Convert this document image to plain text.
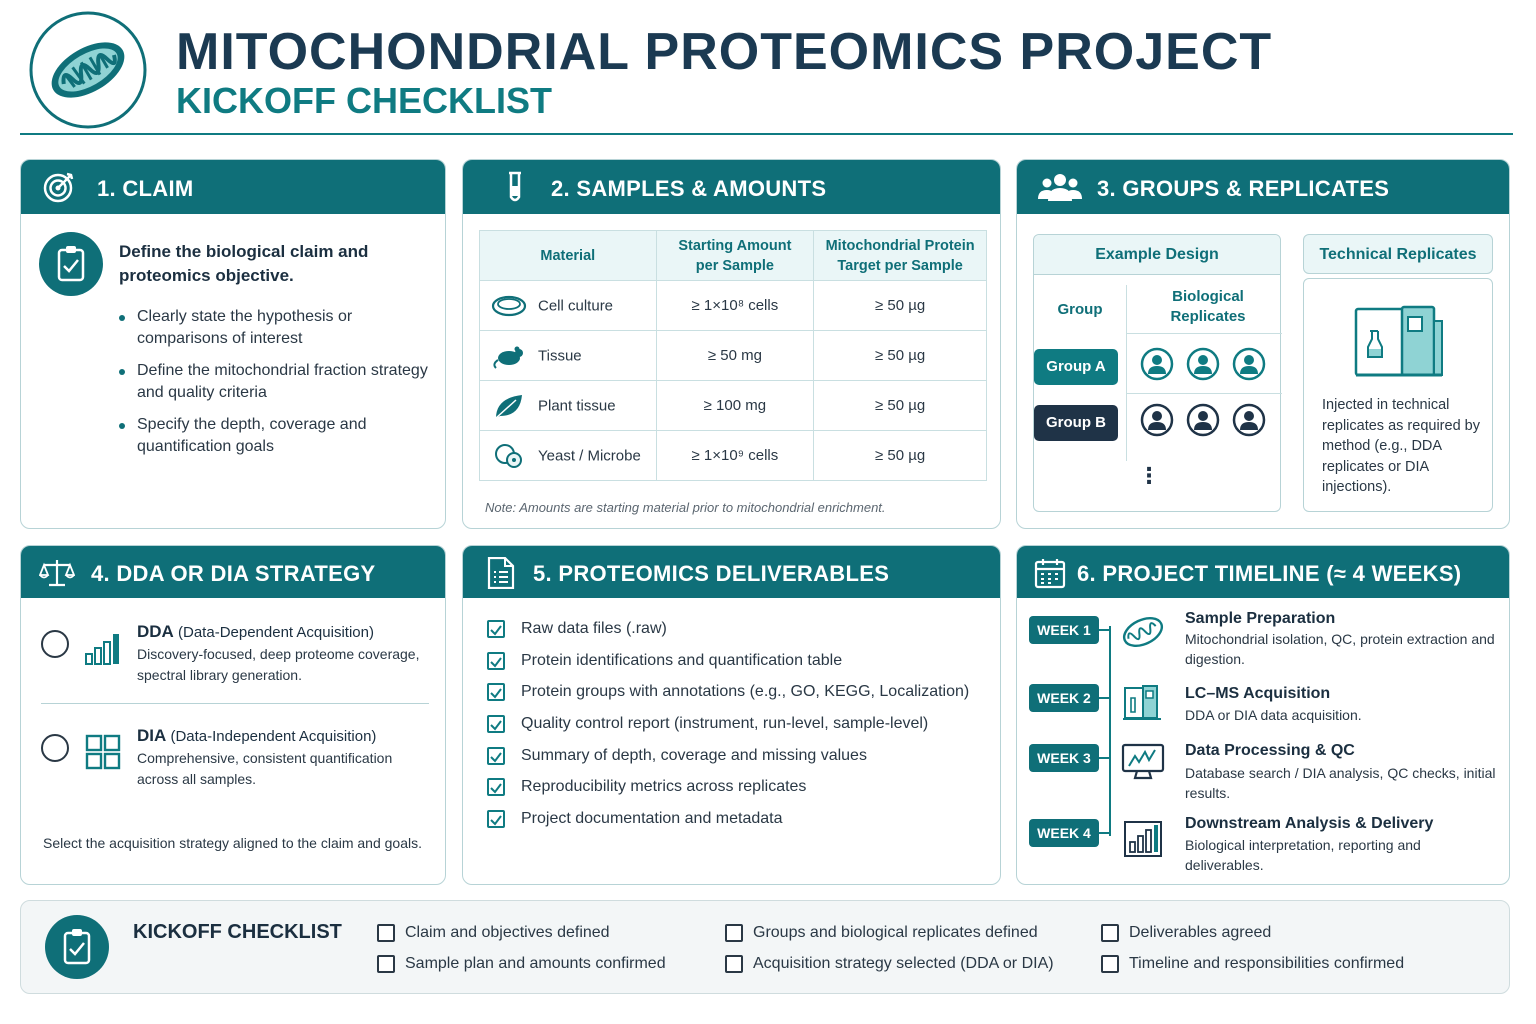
MITOCHONDRIAL PROTEOMICS PROJECT
KICKOFF CHECKLIST
1. CLAIM
Define the biological claim and proteomics objective.
Clearly state the hypothesis or comparisons of interest
Define the mitochondrial fraction strategy and quality criteria
Specify the depth, coverage and quantification goals
2. SAMPLES & AMOUNTS
Material	Starting Amount per Sample	Mitochondrial Protein Target per Sample
Cell culture	≥ 1×10⁸ cells	≥ 50 µg
Tissue	≥ 50 mg	≥ 50 µg
Plant tissue	≥ 100 mg	≥ 50 µg
Yeast / Microbe	≥ 1×10⁹ cells	≥ 50 µg
Note: Amounts are starting material prior to mitochondrial enrichment.
3. GROUPS & REPLICATES
Example Design
Group
Biological Replicates
Group A
Group B
⋮
Technical Replicates
Injected in technical replicates as required by method (e.g., DDA replicates or DIA injections).
4. DDA OR DIA STRATEGY
DDA (Data-Dependent Acquisition)
Discovery-focused, deep proteome coverage, spectral library generation.
DIA (Data-Independent Acquisition)
Comprehensive, consistent quantification across all samples.
Select the acquisition strategy aligned to the claim and goals.
5. PROTEOMICS DELIVERABLES
Raw data files (.raw)
Protein identifications and quantification table
Protein groups with annotations (e.g., GO, KEGG, Localization)
Quality control report (instrument, run-level, sample-level)
Summary of depth, coverage and missing values
Reproducibility metrics across replicates
Project documentation and metadata
6. PROJECT TIMELINE (≈ 4 WEEKS)
WEEK 1
Sample Preparation
Mitochondrial isolation, QC, protein extraction and digestion.
WEEK 2	LC–MS Acquisition
DDA or DIA data acquisition.
WEEK 3	Data Processing & QC
Database search / DIA analysis, QC checks, initial results.
WEEK 4
Downstream Analysis & Delivery
Biological interpretation, reporting and deliverables.
KICKOFF CHECKLIST	Claim and objectives defined
Sample plan and amounts confirmed
Groups and biological replicates defined
Acquisition strategy selected (DDA or DIA)
Deliverables agreed
Timeline and responsibilities confirmed
